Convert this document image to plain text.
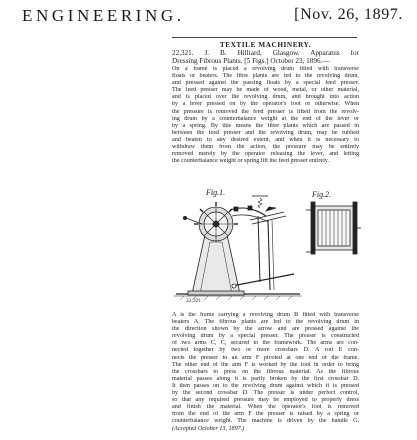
ENGINEERING.	[Nov. 26, 1897.
TEXTILE MACHINERY.
22,321. J. B. Hilliard, Glasgow. Apparatus for
Dressing Fibrous Plants. [5 Figs.] October 23, 1896.—
On a frame is placed a revolving drum fitted with transverse
floats or beaters. The fibre plants are fed to the revolving drum,
and pressed against the passing floats by a special feed presser.
The feed presser may be made of wood, metal, or other material,
and is placed over the revolving drum, and brought into action
by a lever pressed on by the operator's foot or otherwise. When
the pressure is removed the feed presser is lifted from the revolv-
ing drum by a counterbalance weight at the end of the lever or
by a spring. By this means the fibre plants which are passed in
between the feed presser and the revolving drum, may be rubbed
and beaten to any desired extent, and when it is necessary to
withdraw them from the action, the pressure may be entirely
removed merely by the operator releasing the lever, and letting
the counterbalance weight or spring lift the feed presser entirely.
Fig.1.	Fig.2.
22,321
A is the frame carrying a revolving drum B fitted with transverse
beaters A. The fibrous plants are fed to the revolving drum in
the direction shown by the arrow and are pressed against the
revolving drum by a special presser. The presser is constructed
of two arms C, C, secured to the framework. The arms are con-
nected together by two or more crossbars D. A rod E con-
nects the presser to an arm F pivoted at one end of the frame.
The other end of the arm F is worked by the foot in order to bring
the crossbars to press on the fibrous material. As the fibrous
material passes along it is partly broken by the first crossbar D.
It then passes on to the revolving drum against which it is pressed
by the second crossbar D. The presser is under perfect control,
so that any required pressure may be employed to properly dress
and finish the material. When the operator's foot is removed
from the end of the arm F the presser is raised by a spring or
counterbalance weight. The machine is driven by the handle G.
(Accepted October 13, 1897.)
